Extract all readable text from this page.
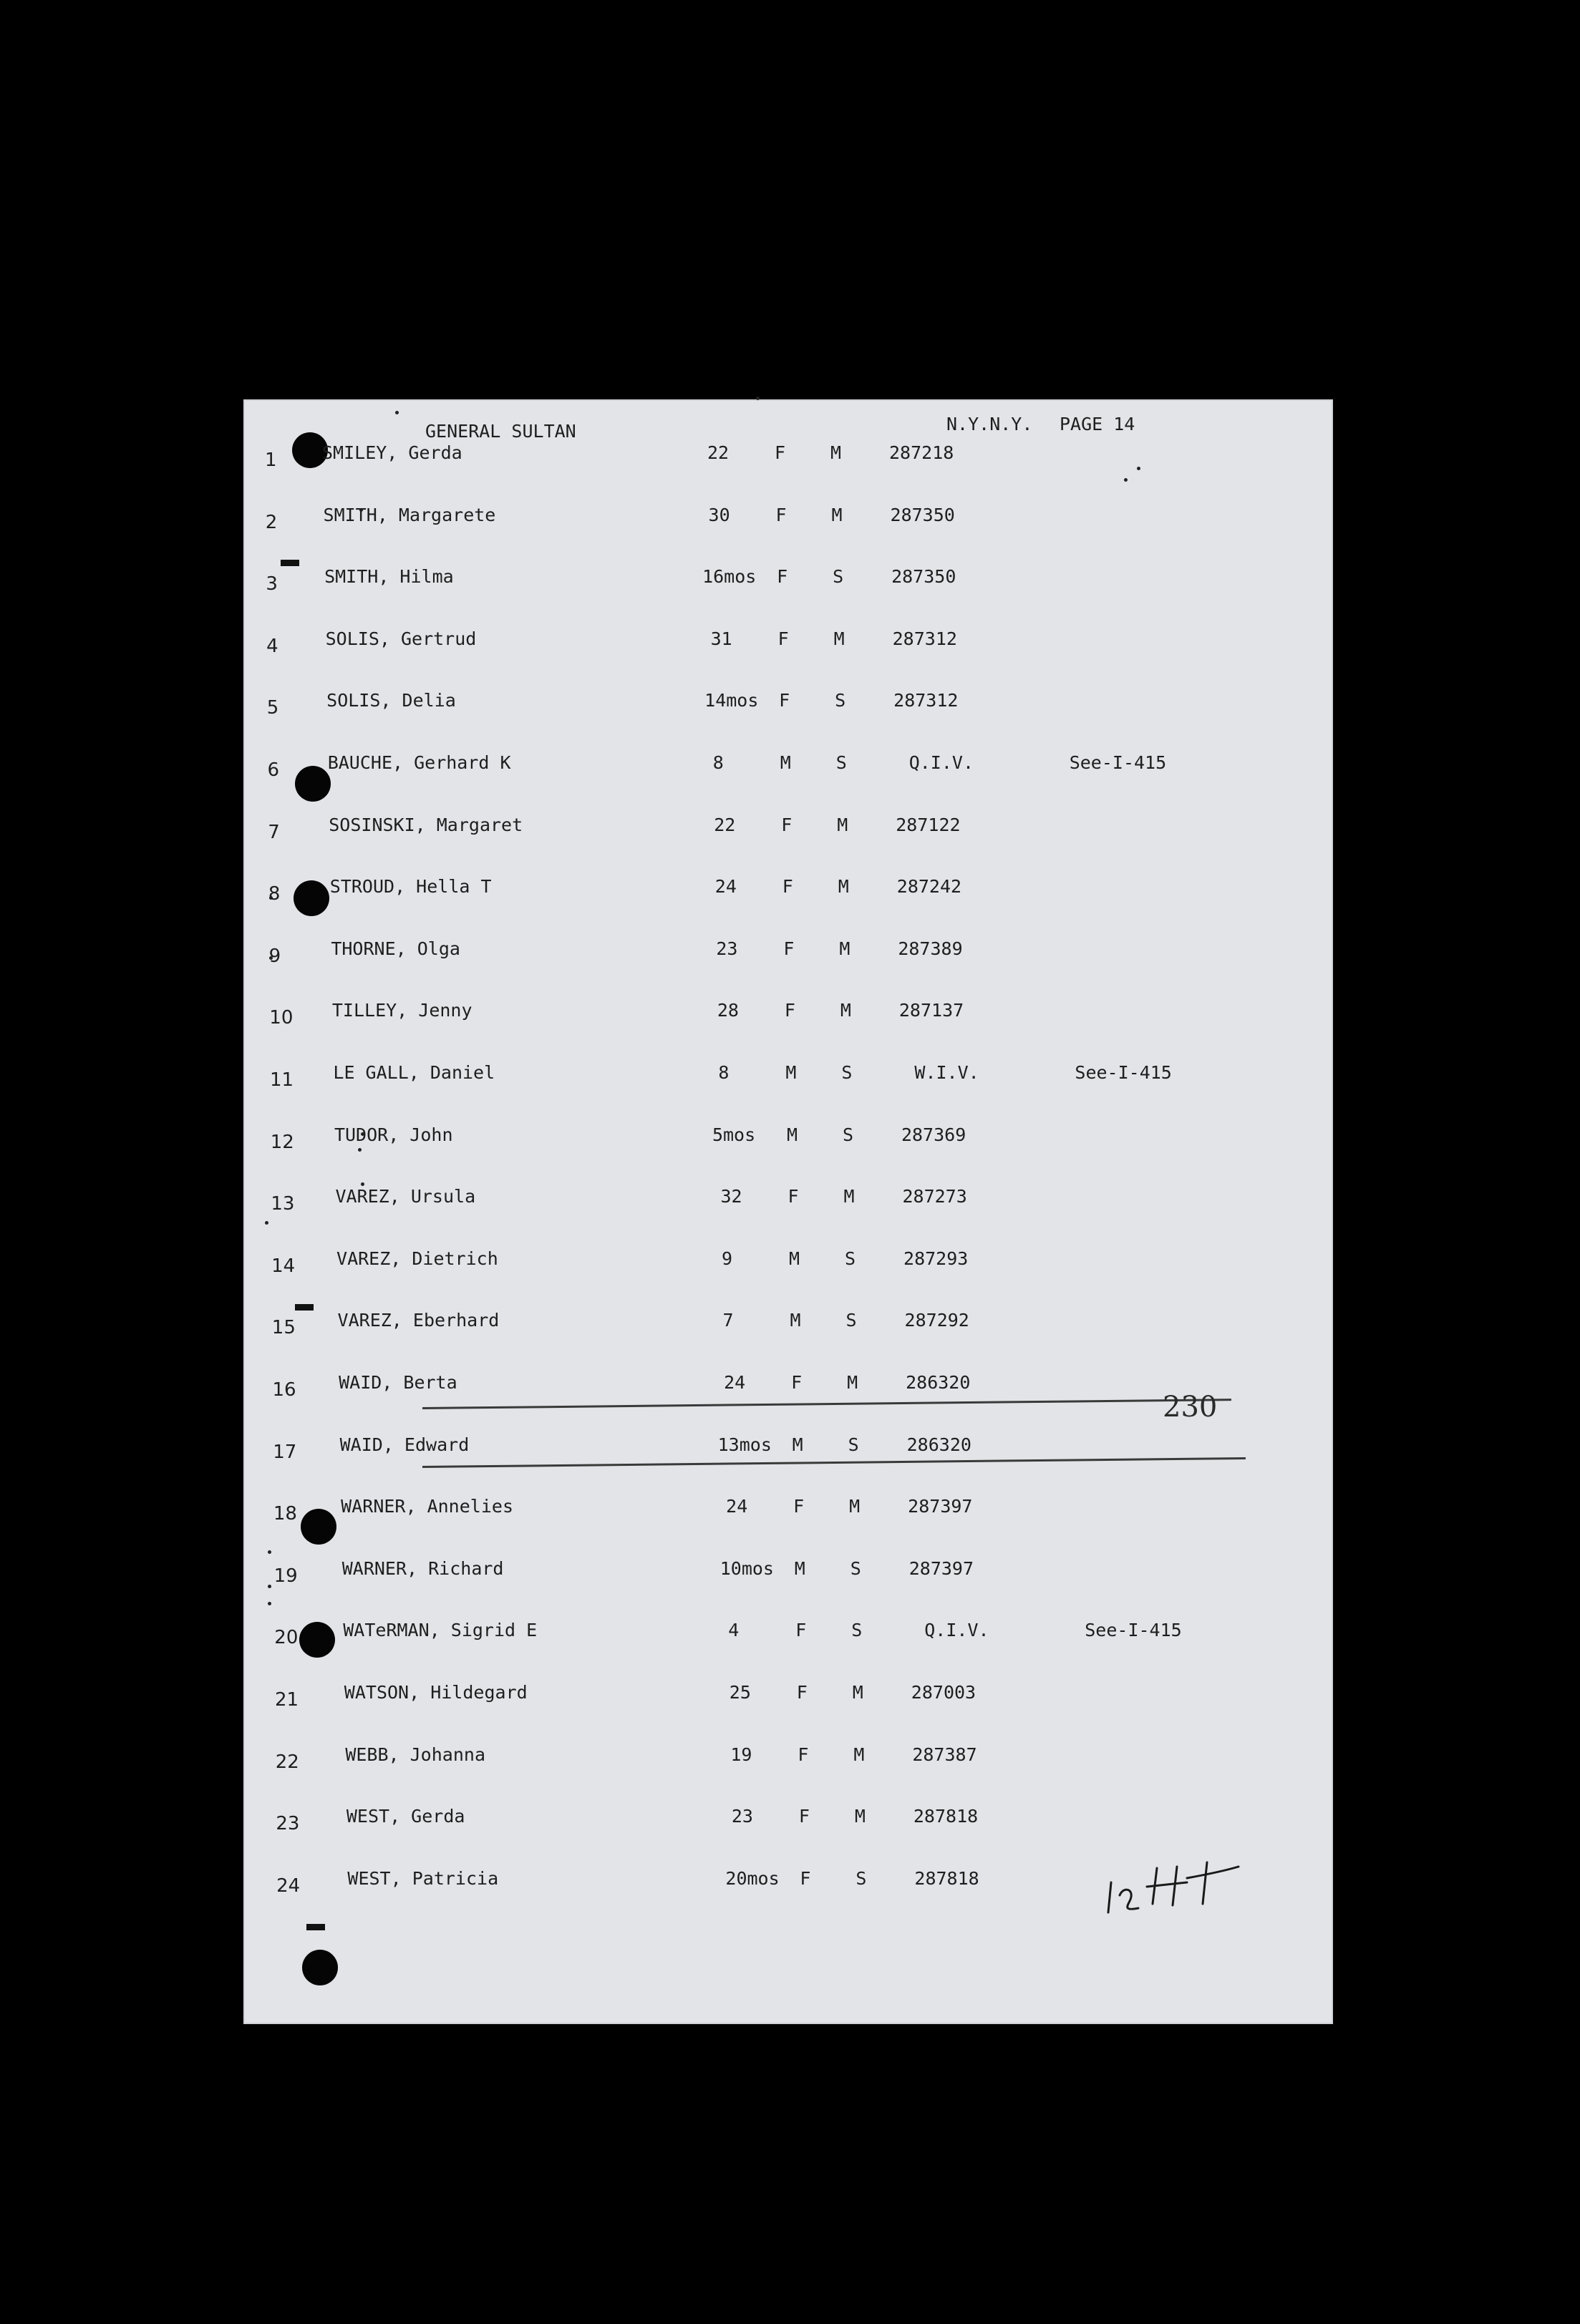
GENERAL SULTAN	N.Y.N.Y. PAGE 14
1	SMILEY, Gerda	22	F	M	287218
2	SMITH, Margarete	30	F	M	287350
3	SMITH, Hilma	16mos F	S	287350
4	SOLIS, Gertrud	31	F	M	287312
5	SOLIS, Delia	14mos F	S	287312
6	BAUCHE, Gerhard K	8	M	S	Q.I.V.	See-I-415
7	SOSINSKI, Margaret	22	F	M	287122
8	STROUD, Hella T	24	F	M	287242
9	THORNE, Olga	23	F	M	287389
10 TILLEY, Jenny	28	F	M	287137
11 LE GALL, Daniel	8	M	S	W.I.V.	See-I-415
12 TUDOR, John	5mos M	S	287369
13 VAREZ, Ursula	32	F	M	287273
14 VAREZ, Dietrich	9	M	S	287293
15 VAREZ, Eberhard	7	M	S	287292
16 WAID, Berta	24	F	M	286320
17 WAID, Edward	13mos M	S	286320
18 WARNER, Annelies	24	F	M	287397
19 WARNER, Richard	10mos M	S	287397
20	WATeRMAN, Sigrid E	4	F	S	Q.I.V.	See-I-415
21	WATSON, Hildegard	25	F	M	287003
22	WEBB, Johanna	19	F	M	287387
23	WEST, Gerda	23	F	M	287818
24	WEST, Patricia	20mos F	S	287818
230
